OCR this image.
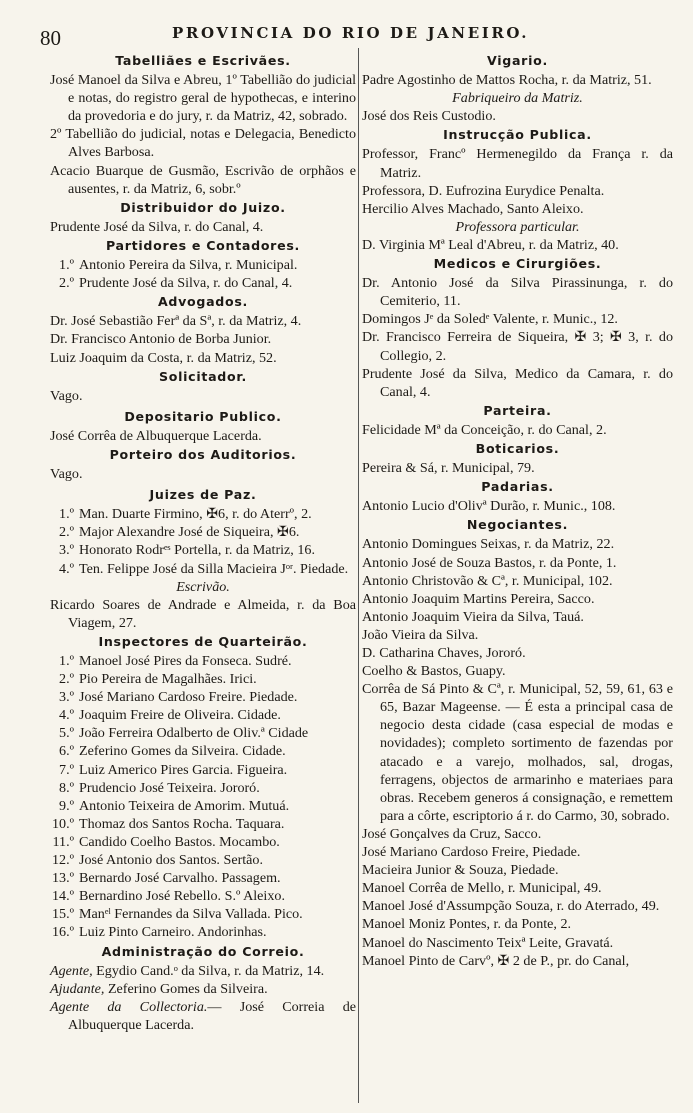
80	PROVINCIA DO RIO DE JANEIRO.
Tabelliães e Escrivães.
José Manoel da Silva e Abreu, 1º Tabellião do judicial e notas, do registro geral de hypothecas, e interino da provedoria e do jury, r. da Matriz, 42, sobrado.
2º Tabellião do judicial, notas e Delegacia, Benedicto Alves Barbosa.
Acacio Buarque de Gusmão, Escrivão de orphãos e ausentes, r. da Matriz, 6, sobr.º
Distribuidor do Juizo.
Prudente José da Silva, r. do Canal, 4.
Partidores e Contadores.
1.º Antonio Pereira da Silva, r. Municipal.
2.º Prudente José da Silva, r. do Canal, 4.
Advogados.
Dr. José Sebastião Ferª da Sª, r. da Matriz, 4.
Dr. Francisco Antonio de Borba Junior.
Luiz Joaquim da Costa, r. da Matriz, 52.
Solicitador.
Vago.
Depositario Publico.
José Corrêa de Albuquerque Lacerda.
Porteiro dos Auditorios.
Vago.
Juizes de Paz.
1.º Man. Duarte Firmino, ✠6, r. do Aterrº, 2.
2.º Major Alexandre José de Siqueira, ✠6.
3.º Honorato Rodrᵉˢ Portella, r. da Matriz, 16.
4.º Ten. Felippe José da Silla Macieira Jᵒʳ. Piedade.
Escrivão.
Ricardo Soares de Andrade e Almeida, r. da Boa Viagem, 27.
Inspectores de Quarteirão.
1.º Manoel José Pires da Fonseca. Sudré.
2.º Pio Pereira de Magalhães. Irici.
3.º José Mariano Cardoso Freire. Piedade.
4.º Joaquim Freire de Oliveira. Cidade.
5.º João Ferreira Odalberto de Oliv.ª Cidade
6.º Zeferino Gomes da Silveira. Cidade.
7.º Luiz Americo Pires Garcia. Figueira.
8.º Prudencio José Teixeira. Jororó.
9.º Antonio Teixeira de Amorim. Mutuá.
10.º Thomaz dos Santos Rocha. Taquara.
11.º Candido Coelho Bastos. Mocambo.
12.º José Antonio dos Santos. Sertão.
13.º Bernardo José Carvalho. Passagem.
14.º Bernardino José Rebello. S.º Aleixo.
15.º Manᵉˡ Fernandes da Silva Vallada. Pico.
16.º Luiz Pinto Carneiro. Andorinhas.
Administração do Correio.
Agente, Egydio Cand.ᵒ da Silva, r. da Matriz, 14.
Ajudante, Zeferino Gomes da Silveira.
Agente da Collectoria.— José Correia de Albuquerque Lacerda.
Vigario.
Padre Agostinho de Mattos Rocha, r. da Matriz, 51.
Fabriqueiro da Matriz.
José dos Reis Custodio.
Instrucção Publica.
Professor, Francº Hermenegildo da França r. da Matriz.
Professora, D. Eufrozina Eurydice Penalta.
Hercilio Alves Machado, Santo Aleixo.
Professora particular.
D. Virginia Mª Leal d'Abreu, r. da Matriz, 40.
Medicos e Cirurgiões.
Dr. Antonio José da Silva Pirassinunga, r. do Cemiterio, 11.
Domingos Jᵉ da Soledᵉ Valente, r. Munic., 12.
Dr. Francisco Ferreira de Siqueira, ✠ 3; ✠ 3, r. do Collegio, 2.
Prudente José da Silva, Medico da Camara, r. do Canal, 4.
Parteira.
Felicidade Mª da Conceição, r. do Canal, 2.
Boticarios.
Pereira & Sá, r. Municipal, 79.
Padarias.
Antonio Lucio d'Olivª Durão, r. Munic., 108.
Negociantes.
Antonio Domingues Seixas, r. da Matriz, 22.
Antonio José de Souza Bastos, r. da Ponte, 1.
Antonio Christovão & Cª, r. Municipal, 102.
Antonio Joaquim Martins Pereira, Sacco.
Antonio Joaquim Vieira da Silva, Tauá.
João Vieira da Silva.
D. Catharina Chaves, Jororó.
Coelho & Bastos, Guapy.
Corrêa de Sá Pinto & Cª, r. Municipal, 52, 59, 61, 63 e 65, Bazar Mageense. — É esta a principal casa de negocio desta cidade (casa especial de modas e novidades); completo sortimento de fazendas por atacado e a varejo, molhados, sal, drogas, ferragens, objectos de armarinho e materiaes para obras. Recebem generos á consignação, e remettem para a côrte, escriptorio á r. do Carmo, 30, sobrado.
José Gonçalves da Cruz, Sacco.
José Mariano Cardoso Freire, Piedade.
Macieira Junior & Souza, Piedade.
Manoel Corrêa de Mello, r. Municipal, 49.
Manoel José d'Assumpção Souza, r. do Aterrado, 49.
Manoel Moniz Pontes, r. da Ponte, 2.
Manoel do Nascimento Teixª Leite, Gravatá.
Manoel Pinto de Carvº, ✠ 2 de P., pr. do Canal,
